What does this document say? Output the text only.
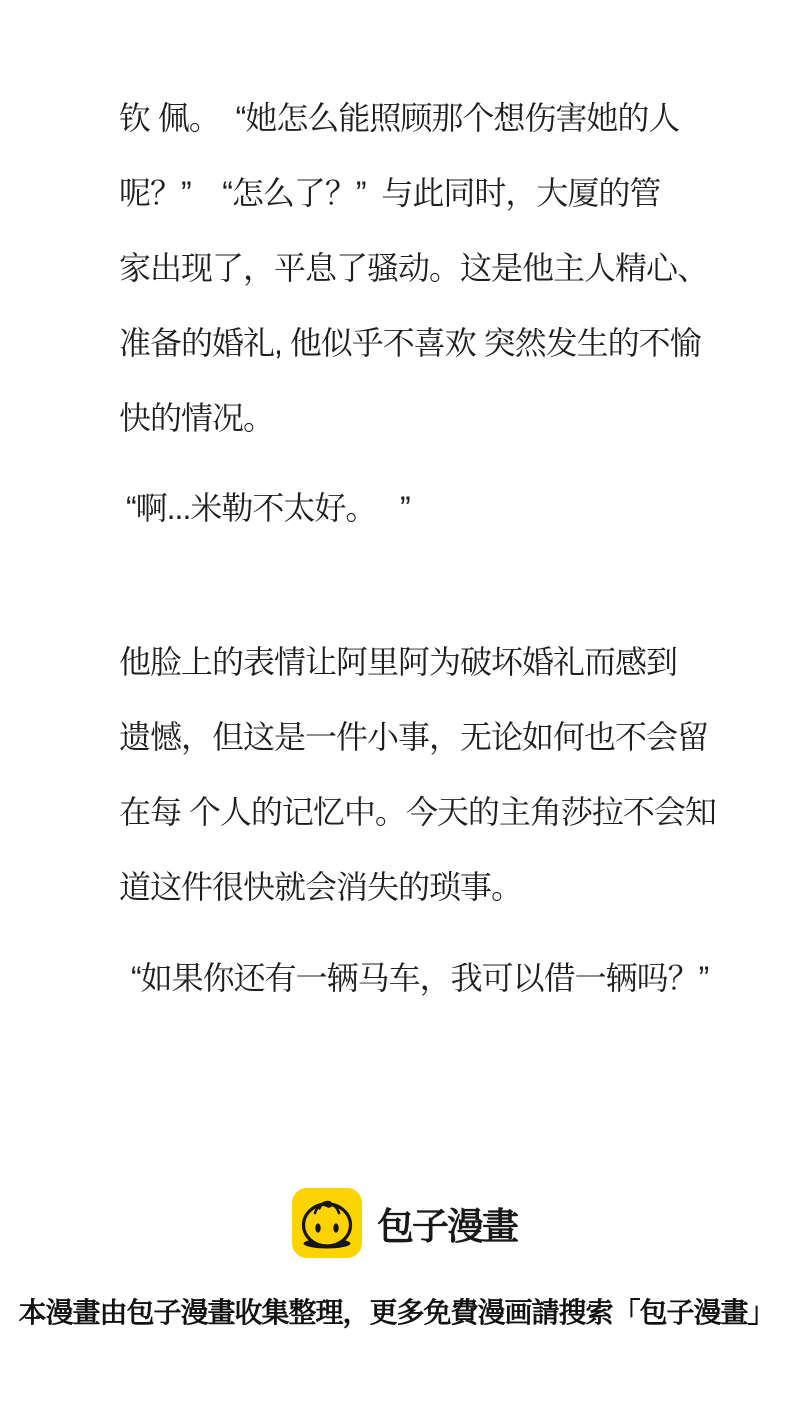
钦 佩。  “她怎么能照顾那个想伤害她的人
呢？”    “怎么了？”  与此同时，大厦的管
家出现了，平息了骚动。这是他主人精心、
准备的婚礼, 他似乎不喜欢 突然发生的不愉
快的情况。
“啊...米勒不太好。   ”
他脸上的表情让阿里阿为破坏婚礼而感到
遗憾，但这是一件小事，无论如何也不会留
在每 个人的记忆中。今天的主角莎拉不会知
道这件很快就会消失的琐事。
“如果你还有一辆马车，我可以借一辆吗？”
包子漫畫
本漫畫由包子漫畫收集整理，更多免費漫画請搜索「包子漫畫」
